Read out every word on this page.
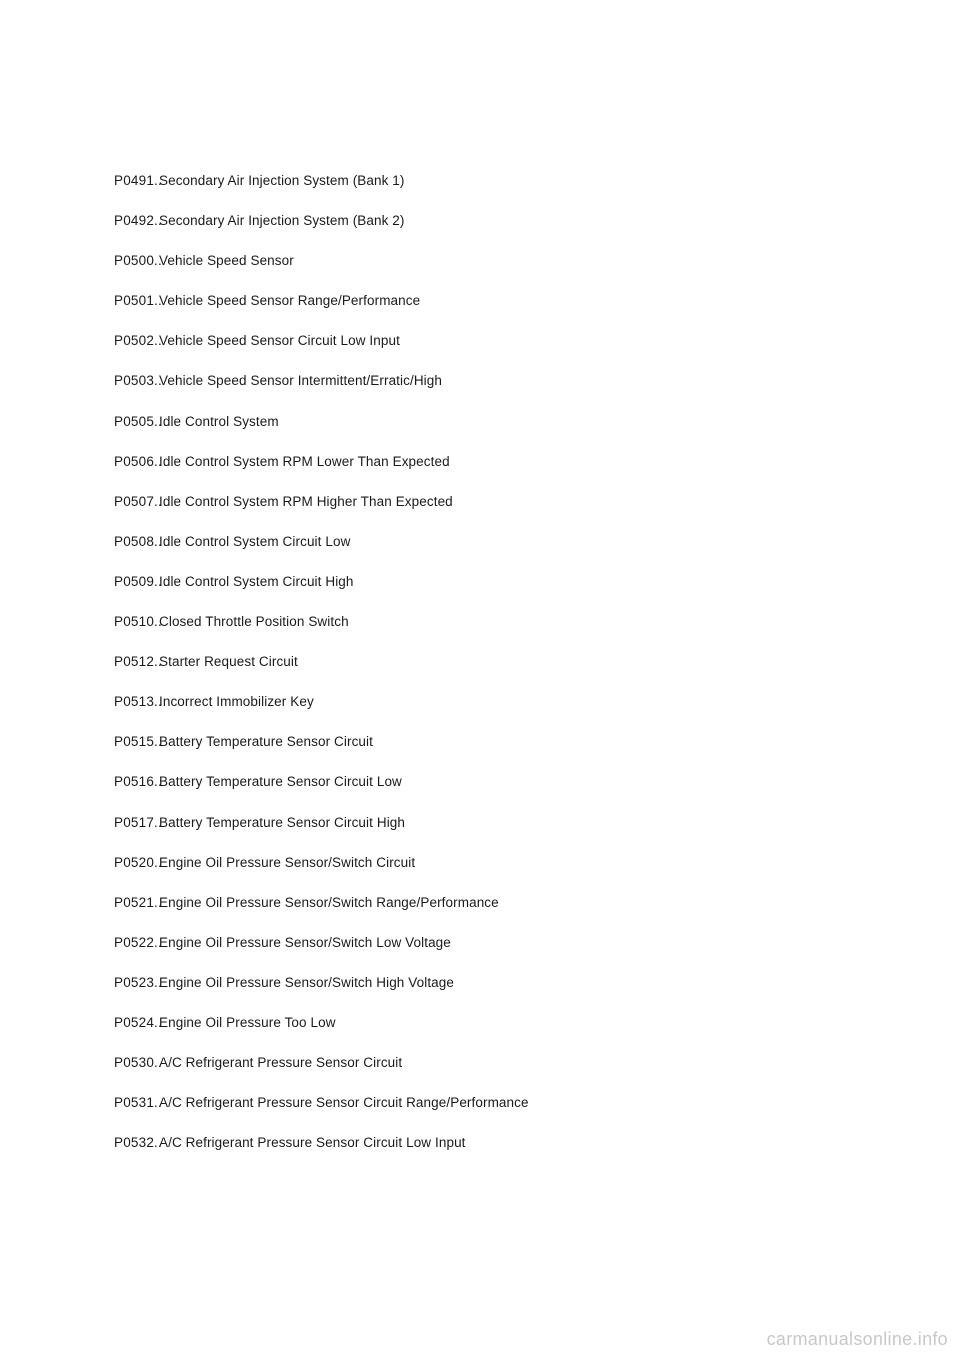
P0491..
Secondary Air Injection System (Bank 1)
P0492..
Secondary Air Injection System (Bank 2)
P0500..
Vehicle Speed Sensor
P0501..
Vehicle Speed Sensor Range/Performance
P0502..
Vehicle Speed Sensor Circuit Low Input
P0503..
Vehicle Speed Sensor Intermittent/Erratic/High
P0505..
Idle Control System
P0506..
Idle Control System RPM Lower Than Expected
P0507..
Idle Control System RPM Higher Than Expected
P0508..
Idle Control System Circuit Low
P0509..
Idle Control System Circuit High
P0510..
Closed Throttle Position Switch
P0512..
Starter Request Circuit
P0513..
Incorrect Immobilizer Key
P0515..
Battery Temperature Sensor Circuit
P0516..
Battery Temperature Sensor Circuit Low
P0517..
Battery Temperature Sensor Circuit High
P0520..
Engine Oil Pressure Sensor/Switch Circuit
P0521..
Engine Oil Pressure Sensor/Switch Range/Performance
P0522..
Engine Oil Pressure Sensor/Switch Low Voltage
P0523..
Engine Oil Pressure Sensor/Switch High Voltage
P0524..
Engine Oil Pressure Too Low
P0530..
A/C Refrigerant Pressure Sensor Circuit
P0531..
A/C Refrigerant Pressure Sensor Circuit Range/Performance
P0532..
A/C Refrigerant Pressure Sensor Circuit Low Input
carmanualsonline.info
